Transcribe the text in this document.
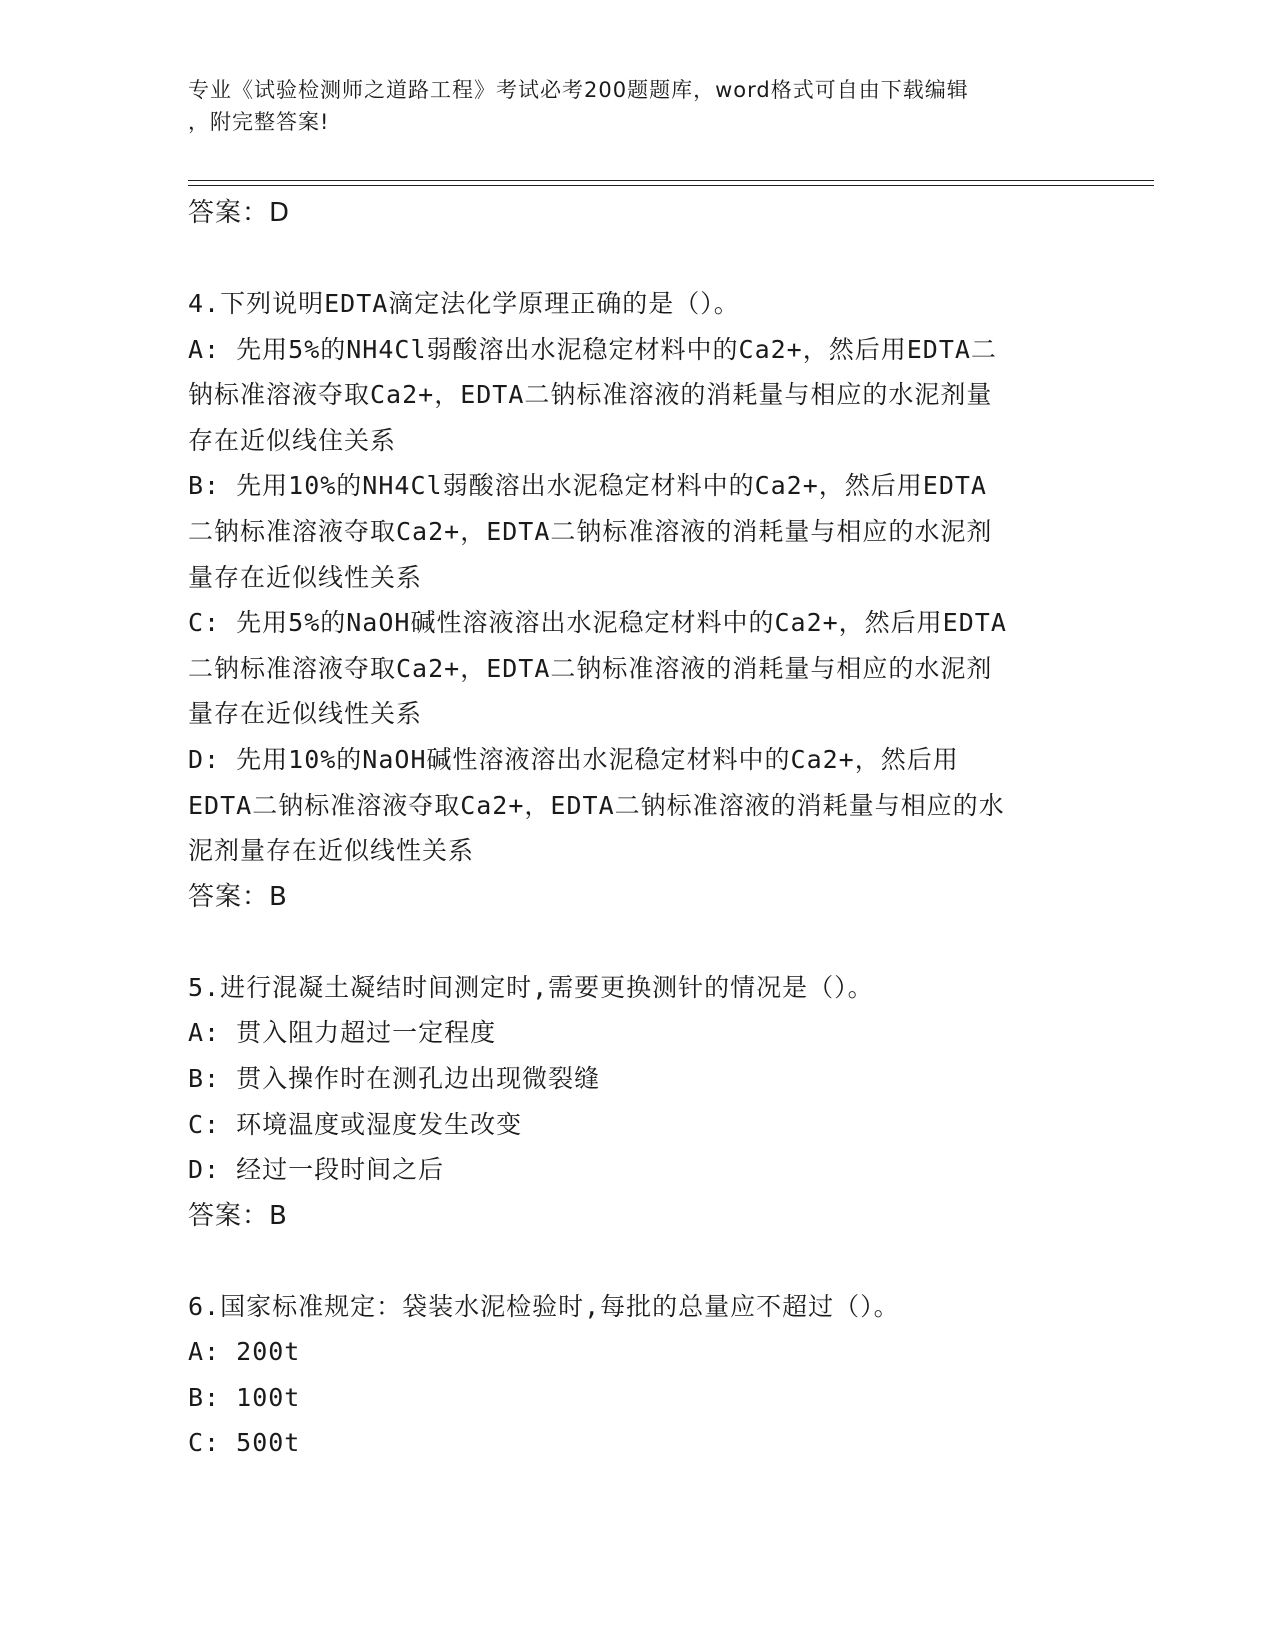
专业《试验检测师之道路工程》考试必考200题题库，word格式可自由下载编辑
，附完整答案!

答案：D

4.下列说明EDTA滴定法化学原理正确的是（）。

A: 先用5%的NH4Cl弱酸溶出水泥稳定材料中的Ca2+，然后用EDTA二

钠标准溶液夺取Ca2+，EDTA二钠标准溶液的消耗量与相应的水泥剂量

存在近似线住关系

B: 先用10%的NH4Cl弱酸溶出水泥稳定材料中的Ca2+，然后用EDTA

二钠标准溶液夺取Ca2+，EDTA二钠标准溶液的消耗量与相应的水泥剂

量存在近似线性关系

C: 先用5%的NaOH碱性溶液溶出水泥稳定材料中的Ca2+，然后用EDTA

二钠标准溶液夺取Ca2+，EDTA二钠标准溶液的消耗量与相应的水泥剂

量存在近似线性关系

D: 先用10%的NaOH碱性溶液溶出水泥稳定材料中的Ca2+，然后用

EDTA二钠标准溶液夺取Ca2+，EDTA二钠标准溶液的消耗量与相应的水

泥剂量存在近似线性关系

答案：B

5.进行混凝土凝结时间测定时,需要更换测针的情况是（）。

A: 贯入阻力超过一定程度

B: 贯入操作时在测孔边出现微裂缝

C: 环境温度或湿度发生改变

D: 经过一段时间之后

答案：B

6.国家标准规定：袋装水泥检验时,每批的总量应不超过（）。

A: 200t

B: 100t

C: 500t
